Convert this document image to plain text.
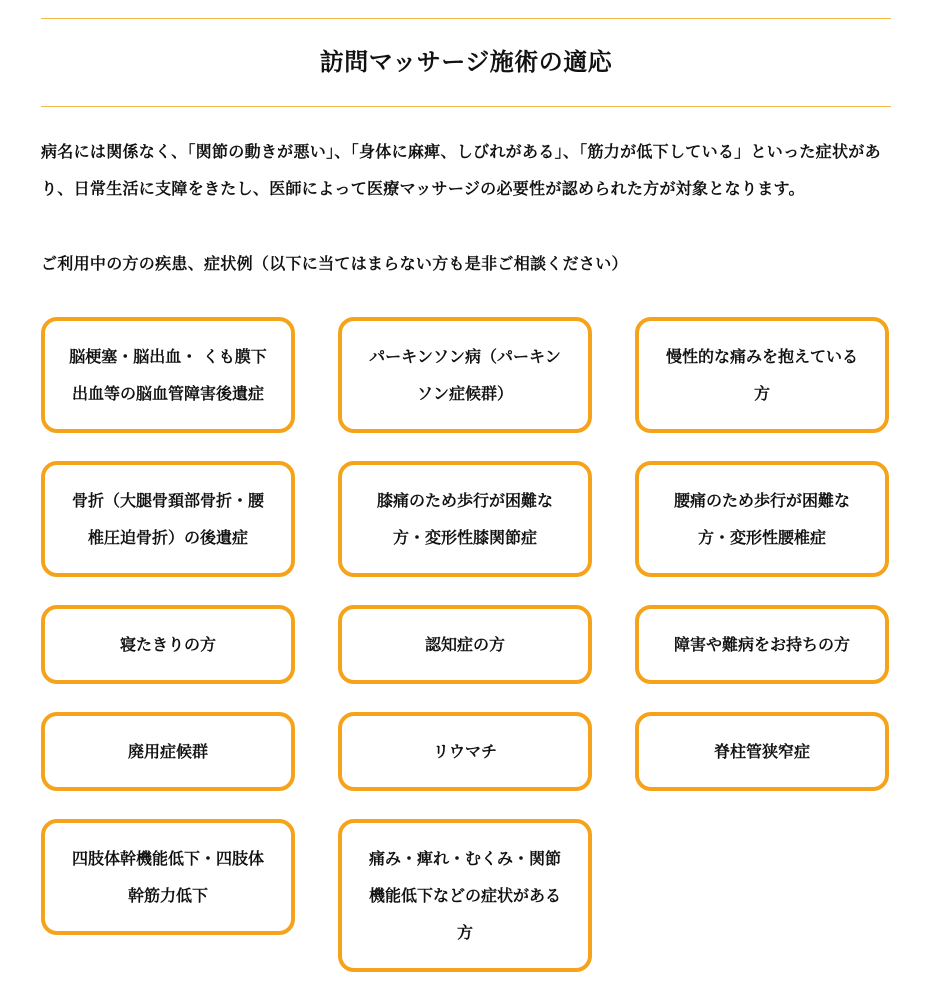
訪問マッサージ施術の適応

病名には関係なく、「関節の動きが悪い」、「身体に麻痺、しびれがある」、「筋力が低下している」といった症状があり、日常生活に支障をきたし、医師によって医療マッサージの必要性が認められた方が対象となります。

ご利用中の方の疾患、症状例（以下に当てはまらない方も是非ご相談ください）
脳梗塞・脳出血・ くも膜下出血等の脳血管障害後遺症
パーキンソン病（パーキンソン症候群）
慢性的な痛みを抱えている方
骨折（大腿骨頚部骨折・腰椎圧迫骨折）の後遺症
膝痛のため歩行が困難な方・変形性膝関節症
腰痛のため歩行が困難な方・変形性腰椎症
寝たきりの方	認知症の方	障害や難病をお持ちの方
廃用症候群	リウマチ	脊柱管狭窄症
四肢体幹機能低下・四肢体幹筋力低下
痛み・痺れ・むくみ・関節機能低下などの症状がある方
